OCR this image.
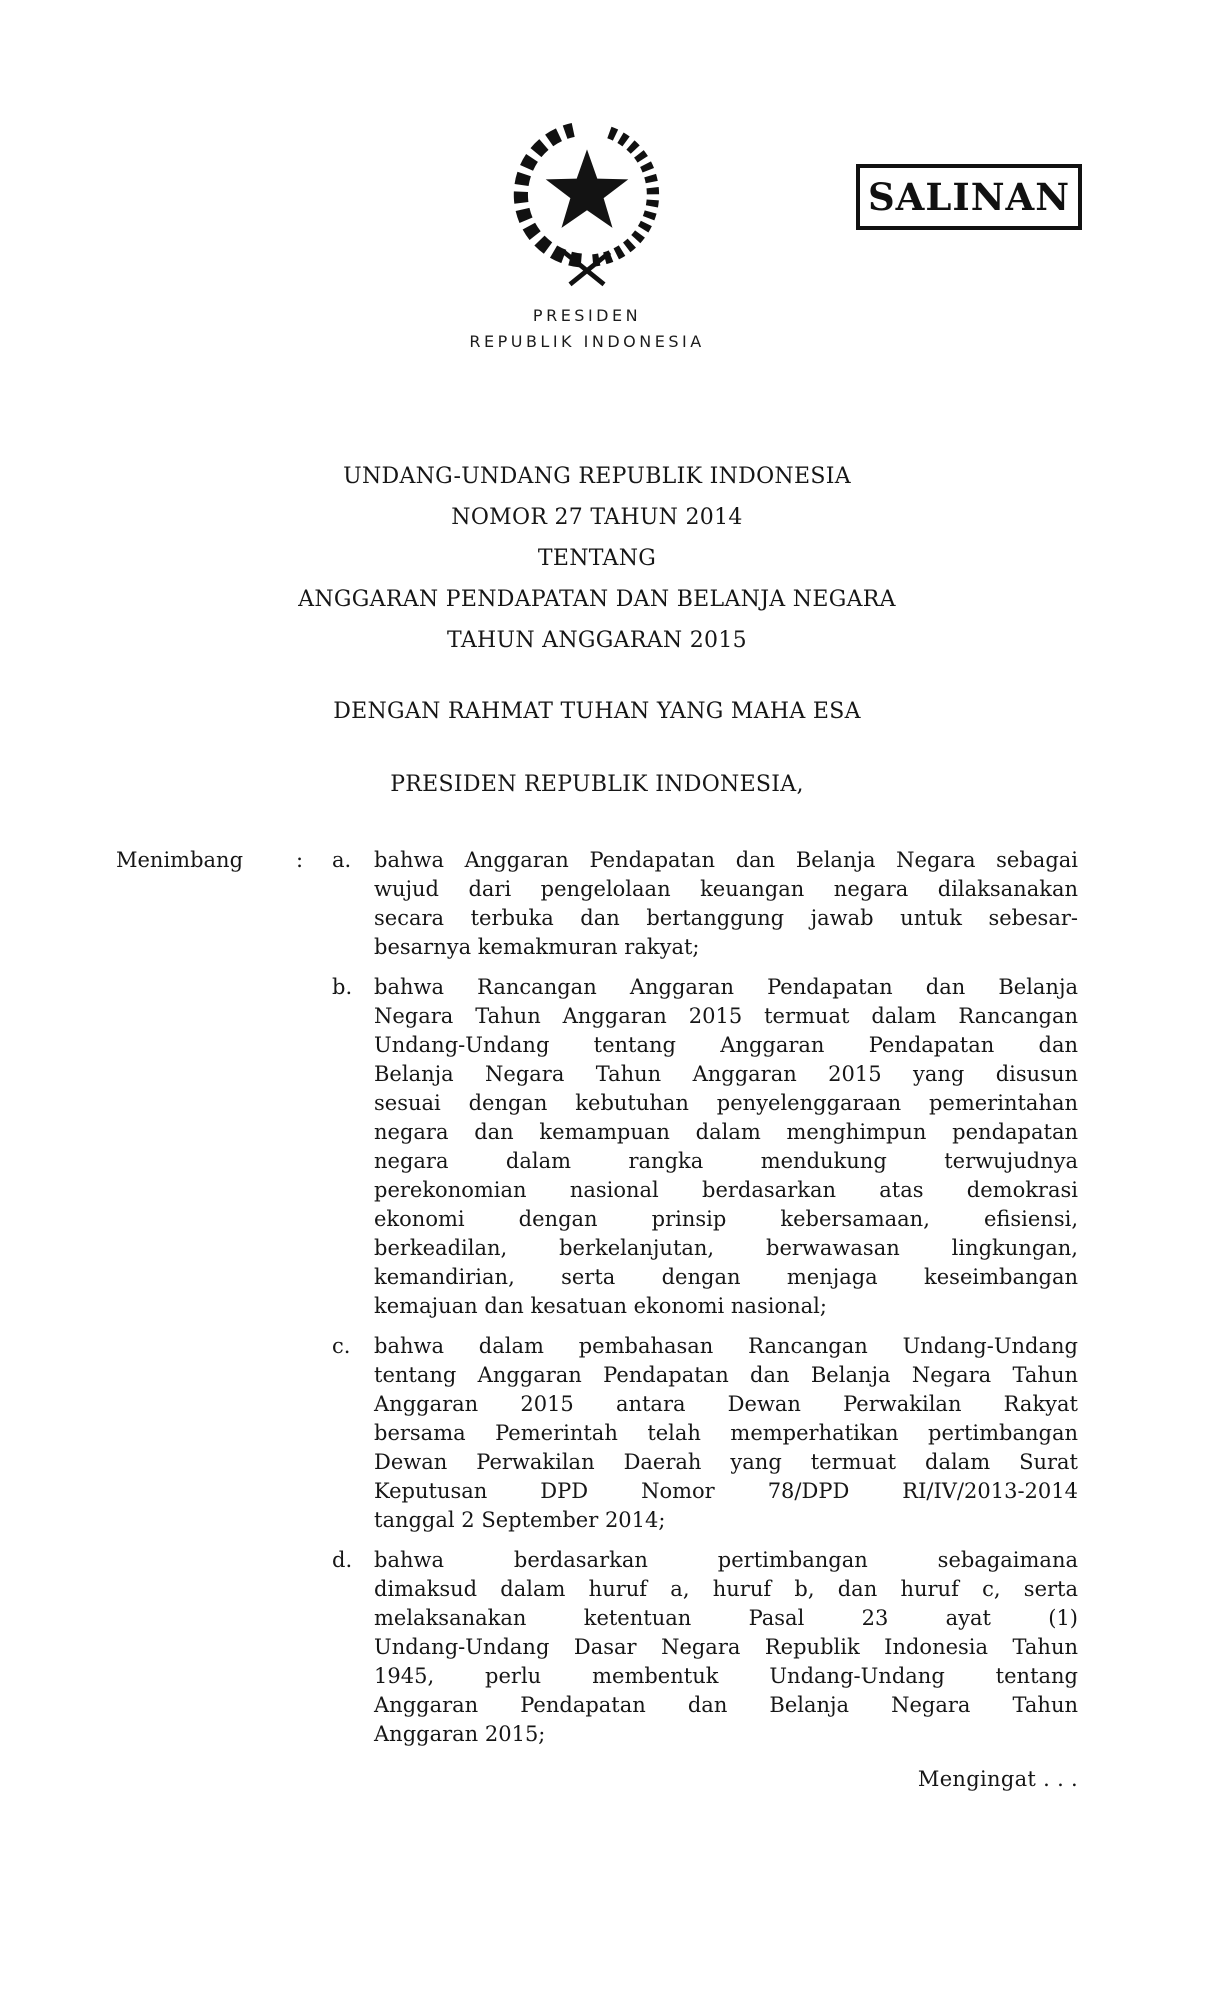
SALINAN
PRESIDEN
REPUBLIK INDONESIA
UNDANG-UNDANG REPUBLIK INDONESIA
NOMOR 27 TAHUN 2014
TENTANG
ANGGARAN PENDAPATAN DAN BELANJA NEGARA
TAHUN ANGGARAN 2015
DENGAN RAHMAT TUHAN YANG MAHA ESA
PRESIDEN REPUBLIK INDONESIA,
Menimbang	:	a.	bahwa Anggaran Pendapatan dan Belanja Negara sebagai
wujud dari pengelolaan keuangan negara dilaksanakan
secara terbuka dan bertanggung jawab untuk sebesar-
besarnya kemakmuran rakyat;
b.	bahwa Rancangan Anggaran Pendapatan dan Belanja
Negara Tahun Anggaran 2015 termuat dalam Rancangan
Undang-Undang tentang Anggaran Pendapatan dan
Belanja Negara Tahun Anggaran 2015 yang disusun
sesuai dengan kebutuhan penyelenggaraan pemerintahan
negara dan kemampuan dalam menghimpun pendapatan
negara dalam rangka mendukung terwujudnya
perekonomian nasional berdasarkan atas demokrasi
ekonomi dengan prinsip kebersamaan, efisiensi,
berkeadilan, berkelanjutan, berwawasan lingkungan,
kemandirian, serta dengan menjaga keseimbangan
kemajuan dan kesatuan ekonomi nasional;
c.	bahwa dalam pembahasan Rancangan Undang-Undang
tentang Anggaran Pendapatan dan Belanja Negara Tahun
Anggaran 2015 antara Dewan Perwakilan Rakyat
bersama Pemerintah telah memperhatikan pertimbangan
Dewan Perwakilan Daerah yang termuat dalam Surat
Keputusan DPD Nomor 78/DPD RI/IV/2013-2014
tanggal 2 September 2014;
d.	bahwa berdasarkan pertimbangan sebagaimana
dimaksud dalam huruf a, huruf b, dan huruf c, serta
melaksanakan ketentuan Pasal 23 ayat (1)
Undang-Undang Dasar Negara Republik Indonesia Tahun
1945, perlu membentuk Undang-Undang tentang
Anggaran Pendapatan dan Belanja Negara Tahun
Anggaran 2015;
Mengingat . . .
